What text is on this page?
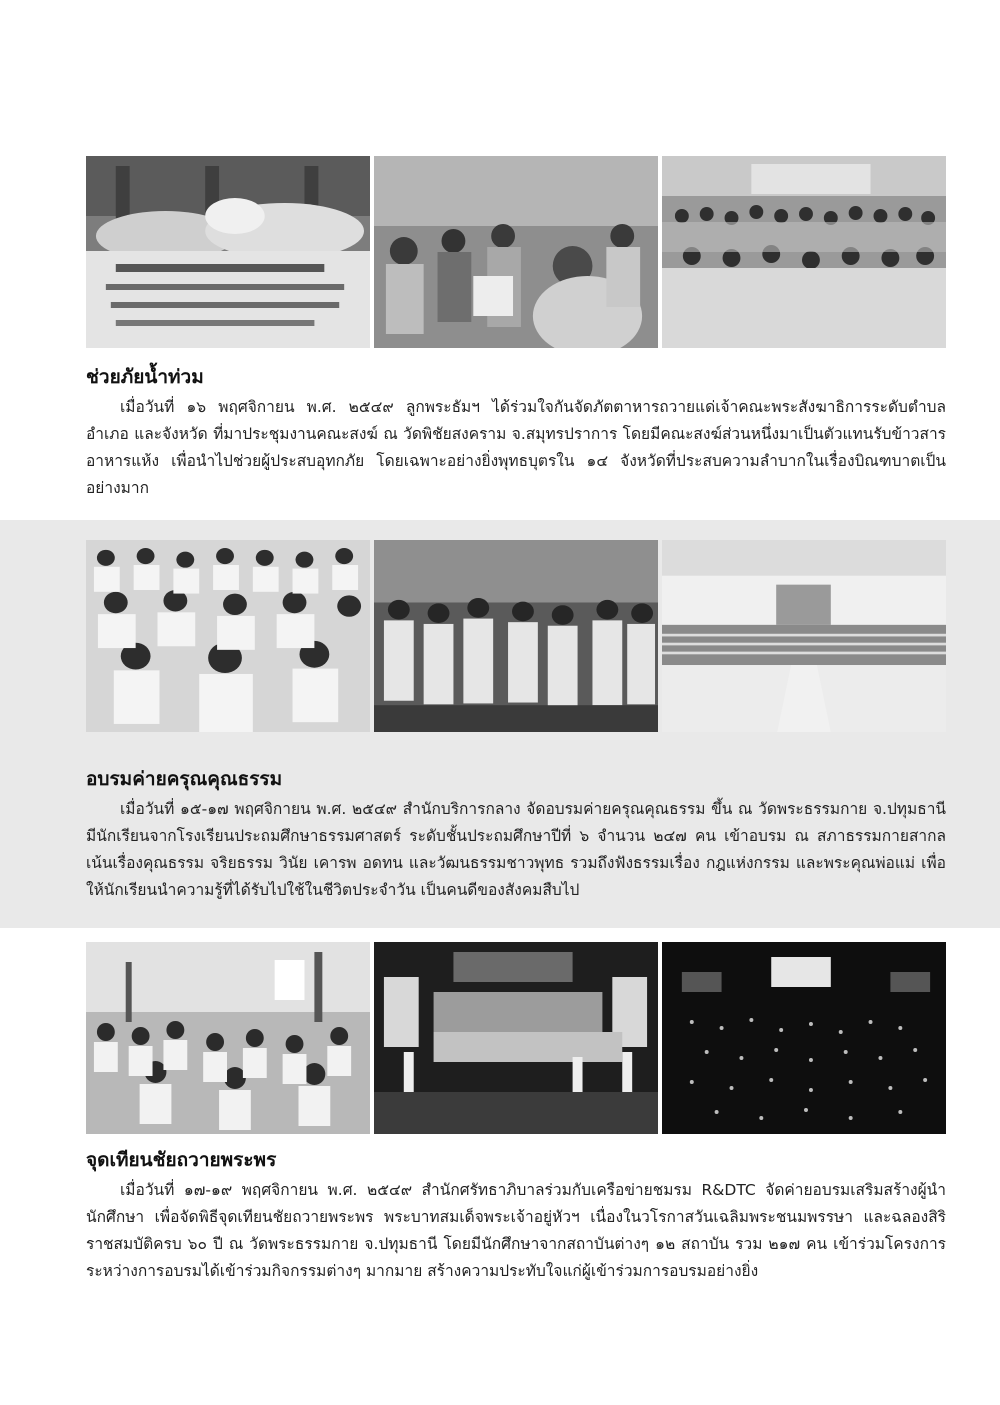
ช่วยภัยน้ำท่วม

เมื่อวันที่ ๑๖ พฤศจิกายน พ.ศ. ๒๕๔๙ ลูกพระธัมฯ ได้ร่วมใจกันจัดภัตตาหารถวายแด่เจ้าคณะพระสังฆาธิการระดับตำบล อำเภอ และจังหวัด ที่มาประชุมงานคณะสงฆ์ ณ วัดพิชัยสงคราม จ.สมุทรปราการ โดยมีคณะสงฆ์ส่วนหนึ่งมาเป็นตัวแทนรับข้าวสารอาหารแห้ง เพื่อนำไปช่วยผู้ประสบอุทกภัย โดยเฉพาะอย่างยิ่งพุทธบุตรใน ๑๔ จังหวัดที่ประสบความลำบากในเรื่องบิณฑบาตเป็นอย่างมาก

อบรมค่ายครุณคุณธรรม

เมื่อวันที่ ๑๕-๑๗ พฤศจิกายน พ.ศ. ๒๕๔๙ สำนักบริการกลาง จัดอบรมค่ายครุณคุณธรรม ขึ้น ณ วัดพระธรรมกาย จ.ปทุมธานี มีนักเรียนจากโรงเรียนประถมศึกษาธรรมศาสตร์ ระดับชั้นประถมศึกษาปีที่ ๖ จำนวน ๒๔๗ คน เข้าอบรม ณ สภาธรรมกายสากล เน้นเรื่องคุณธรรม จริยธรรม วินัย เคารพ อดทน และวัฒนธรรมชาวพุทธ รวมถึงฟังธรรมเรื่อง กฎแห่งกรรม และพระคุณพ่อแม่ เพื่อให้นักเรียนนำความรู้ที่ได้รับไปใช้ในชีวิตประจำวัน เป็นคนดีของสังคมสืบไป

จุดเทียนชัยถวายพระพร

เมื่อวันที่ ๑๗-๑๙ พฤศจิกายน พ.ศ. ๒๕๔๙ สำนักศรัทธาภิบาลร่วมกับเครือข่ายชมรม R&DTC จัดค่ายอบรมเสริมสร้างผู้นำนักศึกษา เพื่อจัดพิธีจุดเทียนชัยถวายพระพร พระบาทสมเด็จพระเจ้าอยู่หัวฯ เนื่องในวโรกาสวันเฉลิมพระชนมพรรษา และฉลองสิริราชสมบัติครบ ๖๐ ปี ณ วัดพระธรรมกาย จ.ปทุมธานี โดยมีนักศึกษาจากสถาบันต่างๆ ๑๒ สถาบัน รวม ๒๑๗ คน เข้าร่วมโครงการ ระหว่างการอบรมได้เข้าร่วมกิจกรรมต่างๆ มากมาย สร้างความประทับใจแก่ผู้เข้าร่วมการอบรมอย่างยิ่ง
